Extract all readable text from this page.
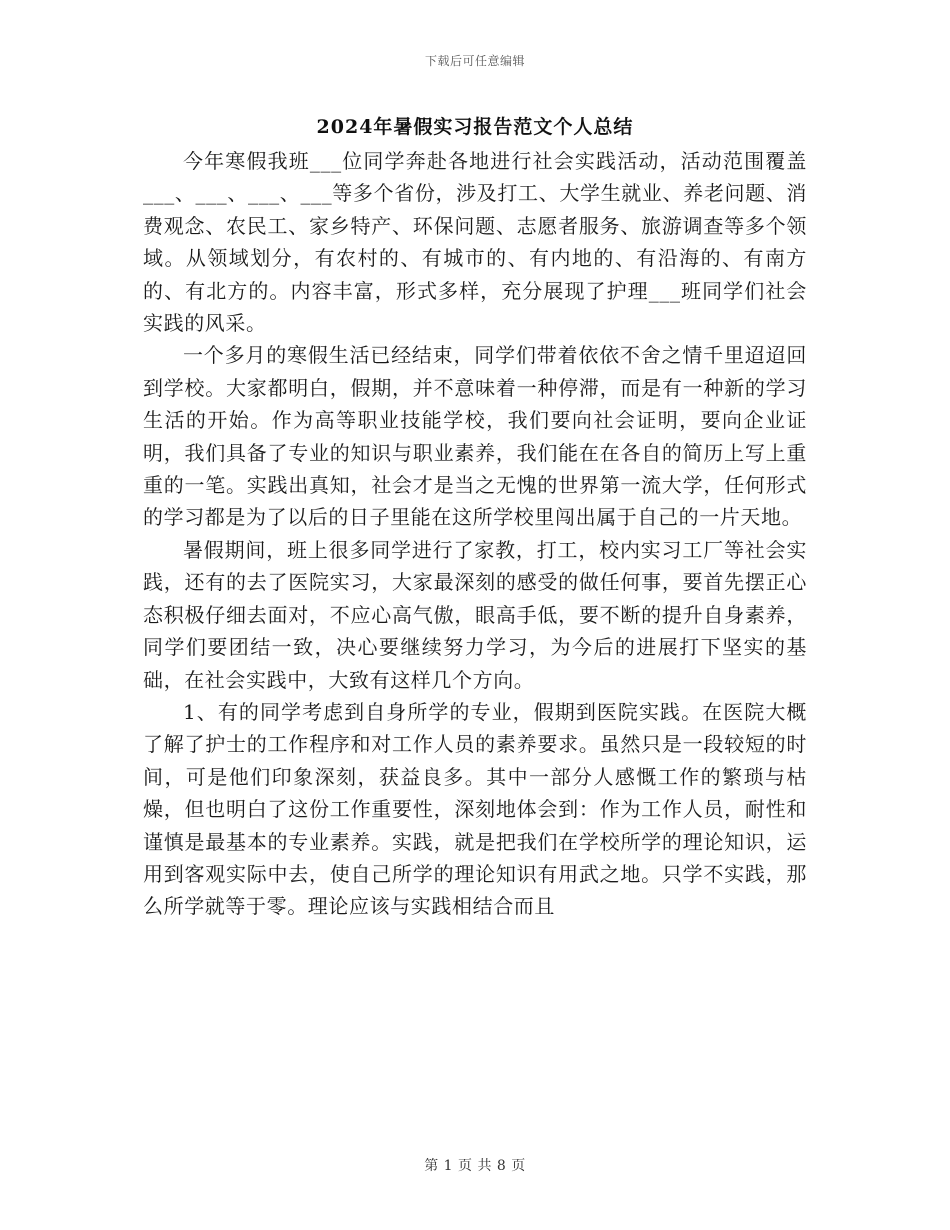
下载后可任意编辑
2024年暑假实习报告范文个人总结

今年寒假我班___位同学奔赴各地进行社会实践活动，活动范围覆盖___、___、___、___等多个省份，涉及打工、大学生就业、养老问题、消费观念、农民工、家乡特产、环保问题、志愿者服务、旅游调查等多个领域。从领域划分，有农村的、有城市的、有内地的、有沿海的、有南方的、有北方的。内容丰富，形式多样，充分展现了护理___班同学们社会实践的风采。

一个多月的寒假生活已经结束，同学们带着依依不舍之情千里迢迢回到学校。大家都明白，假期，并不意味着一种停滞，而是有一种新的学习生活的开始。作为高等职业技能学校，我们要向社会证明，要向企业证明，我们具备了专业的知识与职业素养，我们能在在各自的简历上写上重重的一笔。实践出真知，社会才是当之无愧的世界第一流大学，任何形式的学习都是为了以后的日子里能在这所学校里闯出属于自己的一片天地。

暑假期间，班上很多同学进行了家教，打工，校内实习工厂等社会实践，还有的去了医院实习，大家最深刻的感受的做任何事，要首先摆正心态积极仔细去面对，不应心高气傲，眼高手低，要不断的提升自身素养，同学们要团结一致，决心要继续努力学习，为今后的进展打下坚实的基础，在社会实践中，大致有这样几个方向。

1、有的同学考虑到自身所学的专业，假期到医院实践。在医院大概了解了护士的工作程序和对工作人员的素养要求。虽然只是一段较短的时间，可是他们印象深刻，获益良多。其中一部分人感慨工作的繁琐与枯燥，但也明白了这份工作重要性，深刻地体会到：作为工作人员，耐性和谨慎是最基本的专业素养。实践，就是把我们在学校所学的理论知识，运用到客观实际中去，使自己所学的理论知识有用武之地。只学不实践，那么所学就等于零。理论应该与实践相结合而且

第 1 页 共 8 页
